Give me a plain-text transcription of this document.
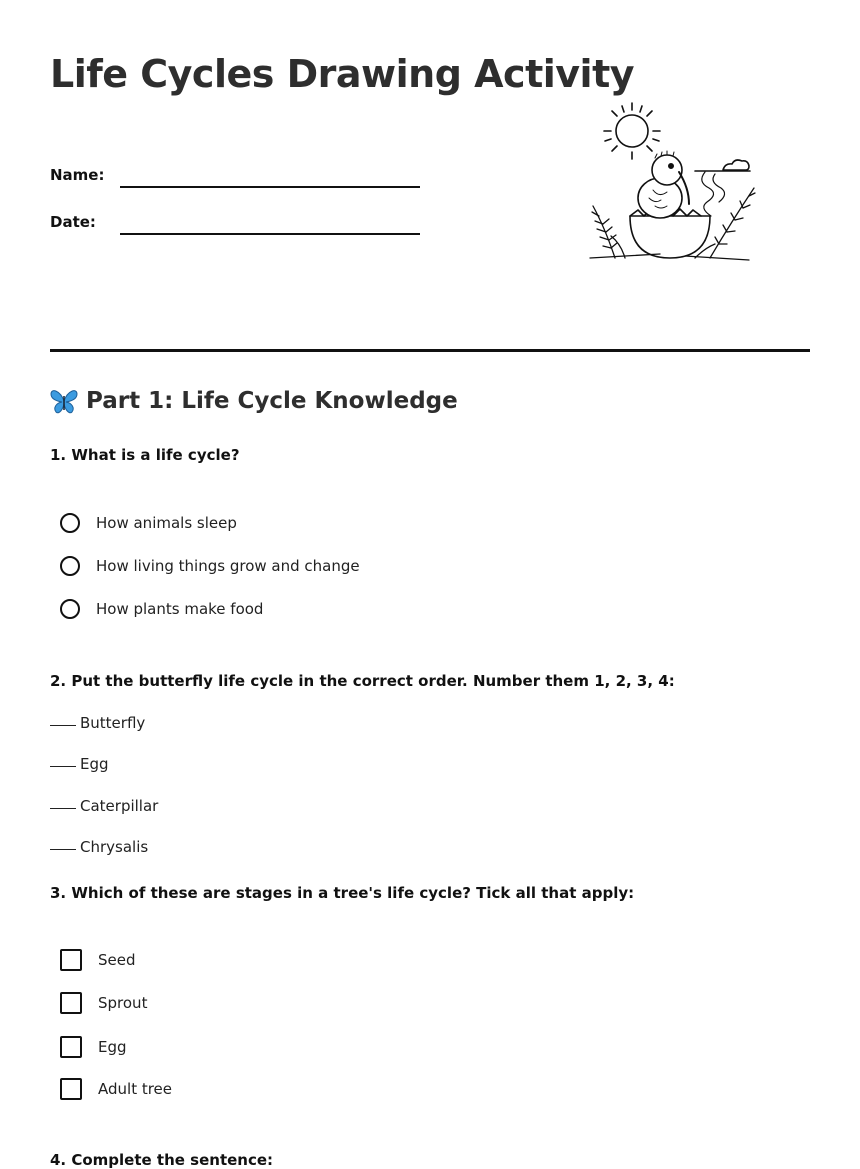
Life Cycles Drawing Activity
Name:
Date:
Part 1: Life Cycle Knowledge
1. What is a life cycle?
How animals sleep
How living things grow and change
How plants make food
2. Put the butterfly life cycle in the correct order. Number them 1, 2, 3, 4:
Butterfly
Egg
Caterpillar
Chrysalis
3. Which of these are stages in a tree's life cycle? Tick all that apply:
Seed
Sprout
Egg
Adult tree
4. Complete the sentence:
